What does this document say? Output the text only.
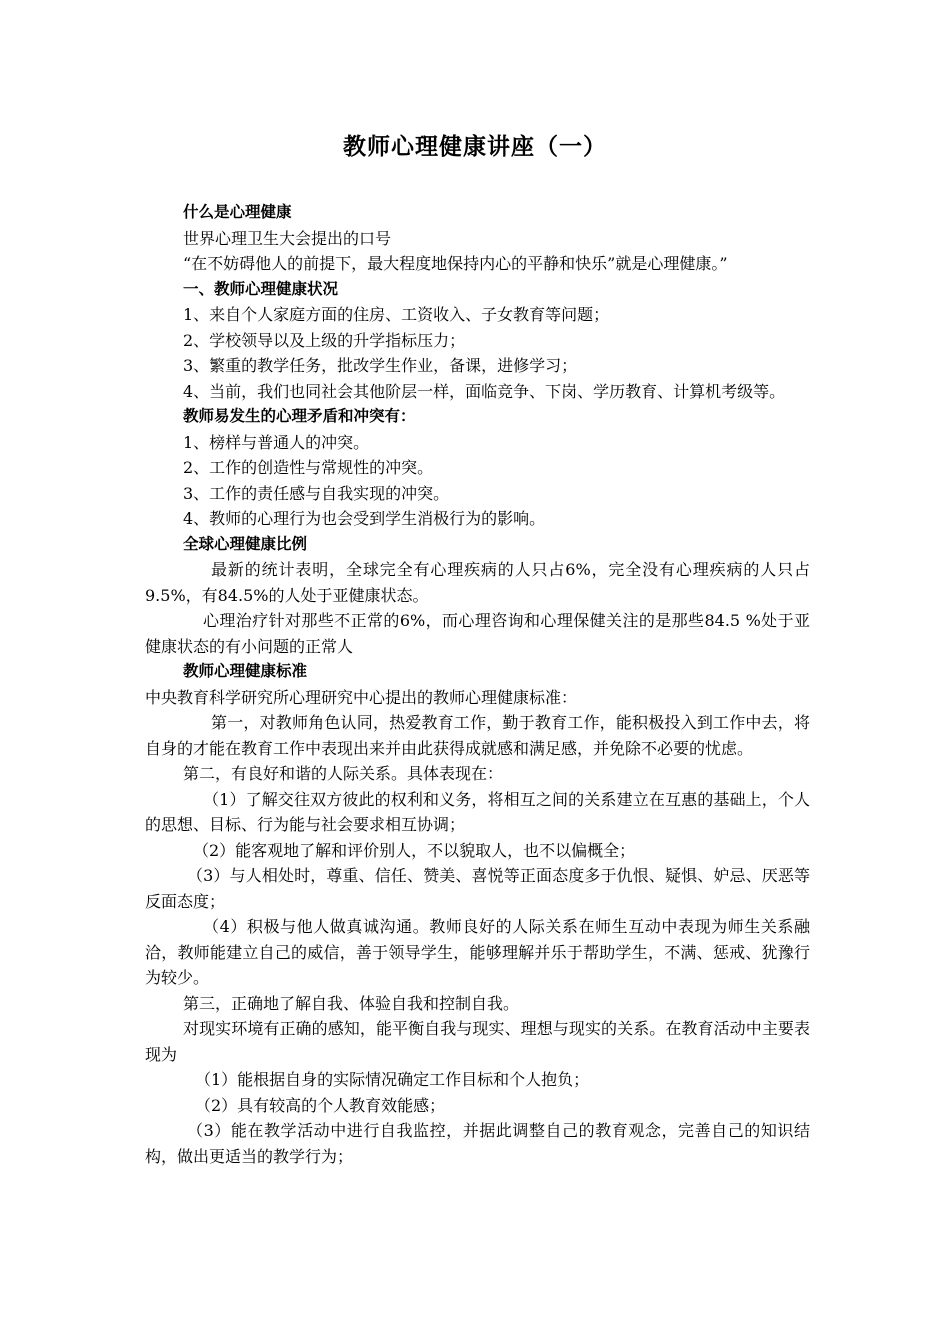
教师心理健康讲座（一）

什么是心理健康

世界心理卫生大会提出的口号

“在不妨碍他人的前提下，最大程度地保持内心的平静和快乐”就是心理健康。”

一、教师心理健康状况

1、来自个人家庭方面的住房、工资收入、子女教育等问题；

2、学校领导以及上级的升学指标压力；

3、繁重的教学任务，批改学生作业，备课，进修学习；

4、当前，我们也同社会其他阶层一样，面临竞争、下岗、学历教育、计算机考级等。

教师易发生的心理矛盾和冲突有：

1、榜样与普通人的冲突。

2、工作的创造性与常规性的冲突。

3、工作的责任感与自我实现的冲突。

4、教师的心理行为也会受到学生消极行为的影响。

全球心理健康比例

最新的统计表明，全球完全有心理疾病的人只占6%，完全没有心理疾病的人只占9.5%，有84.5%的人处于亚健康状态。

心理治疗针对那些不正常的6%，而心理咨询和心理保健关注的是那些84.5 %处于亚健康状态的有小问题的正常人

教师心理健康标准

中央教育科学研究所心理研究中心提出的教师心理健康标准：

第一，对教师角色认同，热爱教育工作，勤于教育工作，能积极投入到工作中去，将自身的才能在教育工作中表现出来并由此获得成就感和满足感，并免除不必要的忧虑。

第二，有良好和谐的人际关系。具体表现在：

（1）了解交往双方彼此的权利和义务，将相互之间的关系建立在互惠的基础上，个人的思想、目标、行为能与社会要求相互协调；

（2）能客观地了解和评价别人，不以貌取人，也不以偏概全；

（3）与人相处时，尊重、信任、赞美、喜悦等正面态度多于仇恨、疑惧、妒忌、厌恶等反面态度；

（4）积极与他人做真诚沟通。教师良好的人际关系在师生互动中表现为师生关系融洽，教师能建立自己的威信，善于领导学生，能够理解并乐于帮助学生，不满、惩戒、犹豫行为较少。

第三，正确地了解自我、体验自我和控制自我。

对现实环境有正确的感知，能平衡自我与现实、理想与现实的关系。在教育活动中主要表现为

（1）能根据自身的实际情况确定工作目标和个人抱负；

（2）具有较高的个人教育效能感；

（3）能在教学活动中进行自我监控，并据此调整自己的教育观念，完善自己的知识结构，做出更适当的教学行为；
